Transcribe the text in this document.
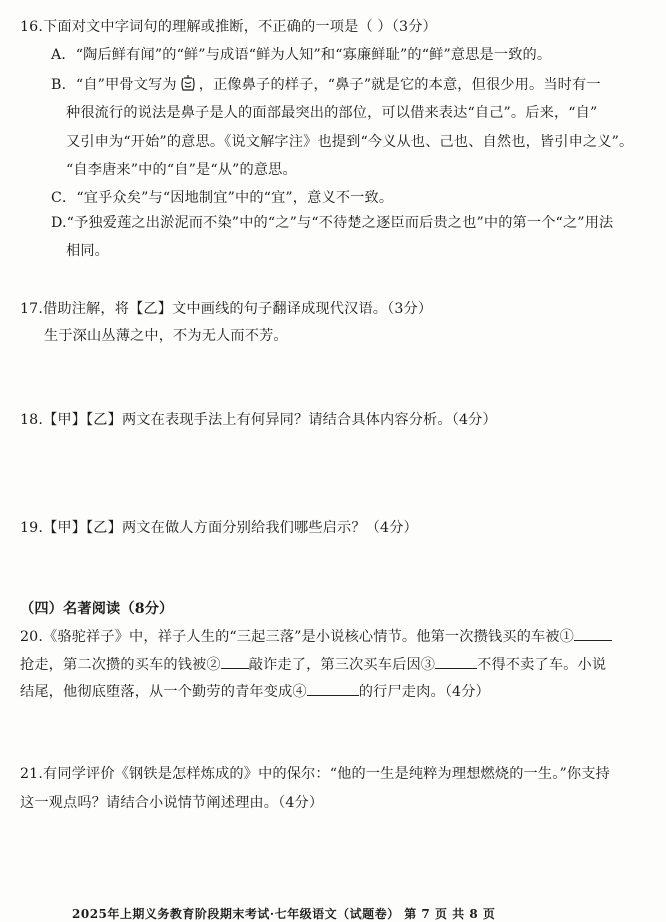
16.下面对文中字词句的理解或推断，不正确的一项是（ ）（3分）
A．“陶后鲜有闻”的“鲜”与成语“鲜为人知”和“寡廉鲜耻”的“鲜”意思是一致的。
B．“自”甲骨文写为 ，正像鼻子的样子，“鼻子”就是它的本意，但很少用。当时有一
种很流行的说法是鼻子是人的面部最突出的部位，可以借来表达“自己”。后来，“自”
又引申为“开始”的意思。《说文解字注》也提到“今义从也、己也、自然也，皆引申之义”。
“自李唐来”中的“自”是“从”的意思。
C．“宜乎众矣”与“因地制宜”中的“宜”，意义不一致。
D.“予独爱莲之出淤泥而不染”中的“之”与“不待楚之逐臣而后贵之也”中的第一个“之”用法
相同。
17.借助注解，将【乙】文中画线的句子翻译成现代汉语。（3分）
生于深山丛薄之中，不为无人而不芳。
18.【甲】【乙】两文在表现手法上有何异同？请结合具体内容分析。（4分）
19.【甲】【乙】两文在做人方面分别给我们哪些启示？（4分）
（四）名著阅读（8分）
20.《骆驼祥子》中，祥子人生的“三起三落”是小说核心情节。他第一次攒钱买的车被①
抢走，第二次攒的买车的钱被② 敲诈走了，第三次买车后因③	不得不卖了车。小说
结尾，他彻底堕落，从一个勤劳的青年变成④	的行尸走肉。（4分）
21.有同学评价《钢铁是怎样炼成的》中的保尔：“他的一生是纯粹为理想燃烧的一生。”你支持
这一观点吗？请结合小说情节阐述理由。（4分）
2025年上期义务教育阶段期末考试·七年级语文（试题卷） 第 7 页 共 8 页
